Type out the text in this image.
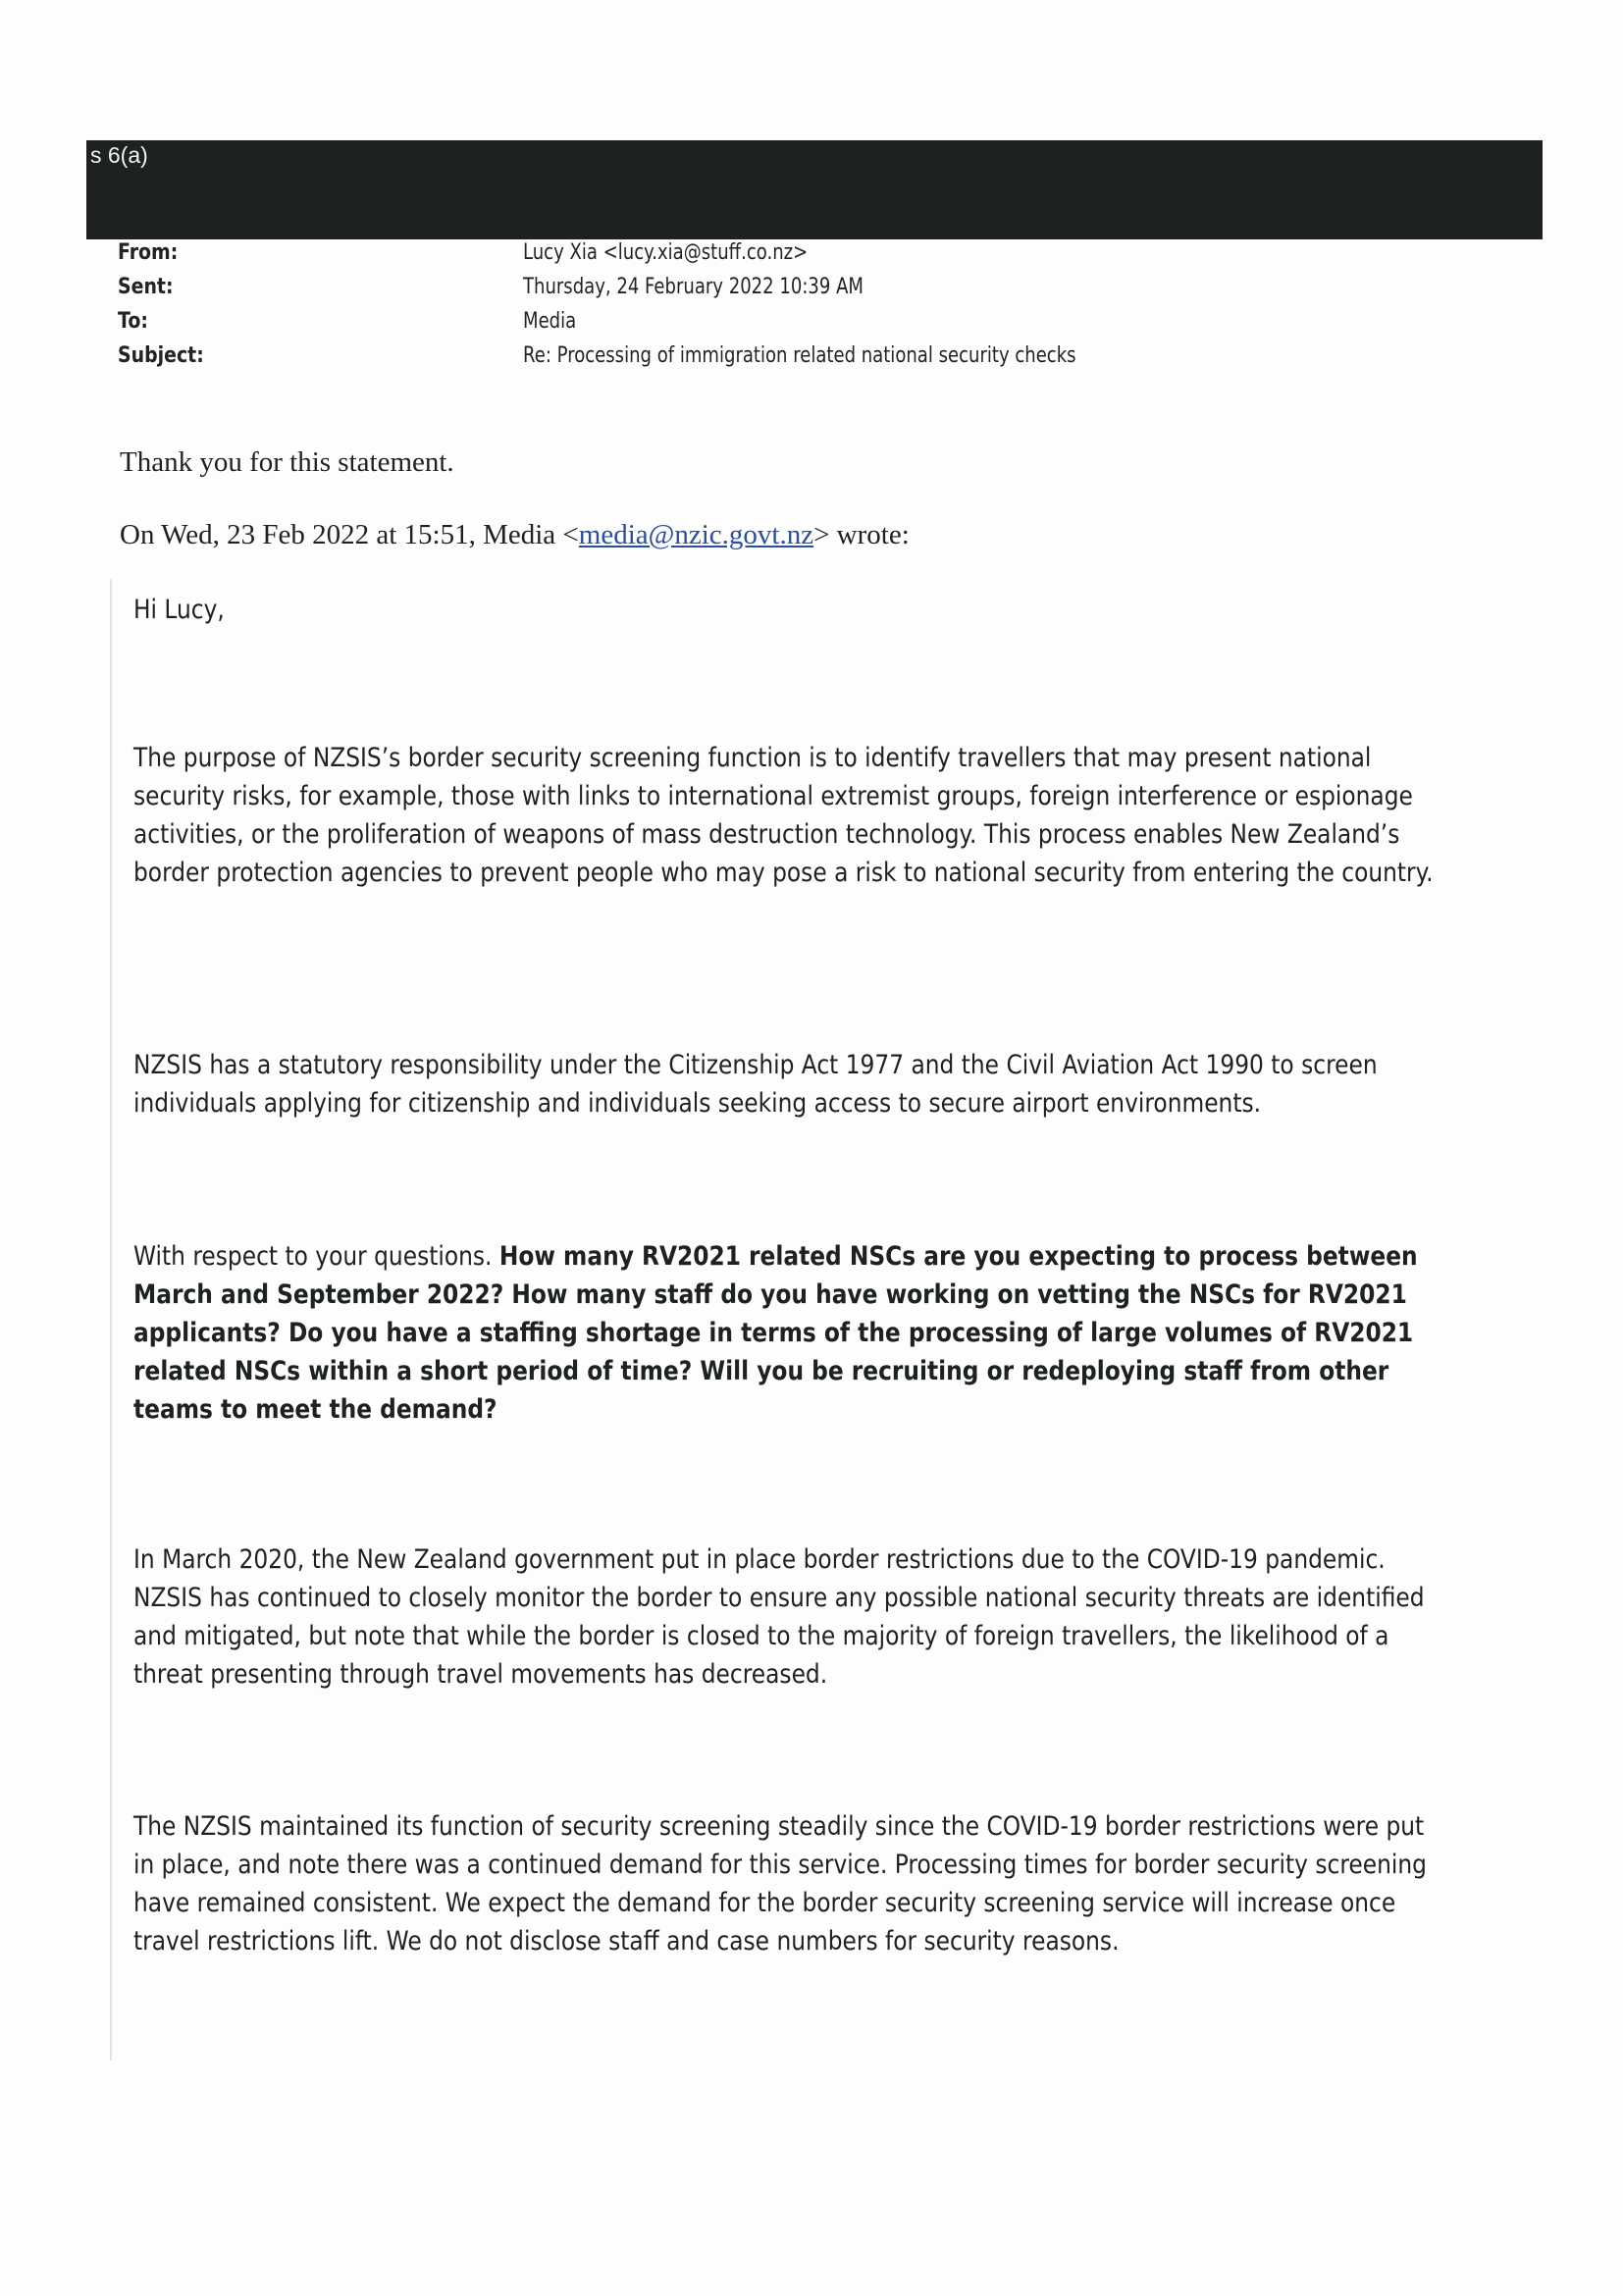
s 6(a)
From:	Lucy Xia <lucy.xia@stuff.co.nz>
Sent:	Thursday, 24 February 2022 10:39 AM
To:	Media
Subject:	Re: Processing of immigration related national security checks
Thank you for this statement.
On Wed, 23 Feb 2022 at 15:51, Media <media@nzic.govt.nz> wrote:

Hi Lucy,

The purpose of NZSIS’s border security screening function is to identify travellers that may present national security risks, for example, those with links to international extremist groups, foreign interference or espionage activities, or the proliferation of weapons of mass destruction technology. This process enables New Zealand’s border protection agencies to prevent people who may pose a risk to national security from entering the country.

NZSIS has a statutory responsibility under the Citizenship Act 1977 and the Civil Aviation Act 1990 to screen individuals applying for citizenship and individuals seeking access to secure airport environments.

With respect to your questions. How many RV2021 related NSCs are you expecting to process between March and September 2022? How many staff do you have working on vetting the NSCs for RV2021 applicants? Do you have a staffing shortage in terms of the processing of large volumes of RV2021 related NSCs within a short period of time? Will you be recruiting or redeploying staff from other teams to meet the demand?

In March 2020, the New Zealand government put in place border restrictions due to the COVID-19 pandemic. NZSIS has continued to closely monitor the border to ensure any possible national security threats are identified and mitigated, but note that while the border is closed to the majority of foreign travellers, the likelihood of a threat presenting through travel movements has decreased.

The NZSIS maintained its function of security screening steadily since the COVID-19 border restrictions were put in place, and note there was a continued demand for this service. Processing times for border security screening have remained consistent. We expect the demand for the border security screening service will increase once travel restrictions lift. We do not disclose staff and case numbers for security reasons.
